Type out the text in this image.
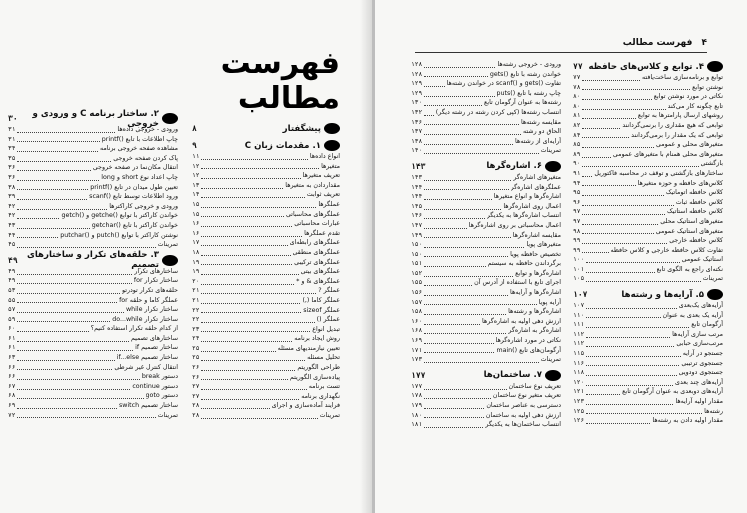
فهرست مطالب
پیشگفتار
۸
۱. مقدمات زبان C
۹
انواع داده‌ها
۱۱
متغیرها
۱۲
تعریف متغیرها
۱۲
مقداردادن به متغیرها
۱۳
تعریف ثوابت
۱۴
عملگرها
۱۵
عملگرهای محاسباتی
۱۵
عبارات محاسباتی
۱۶
تقدم عملگرها
۱۶
عملگرهای رابطه‌ای
۱۷
عملگرهای منطقی
۱۸
عملگرهای ترکیبی
۱۹
عملگرهای بیتی
۱۹
عملگرهای & و *
۲۰
عملگر ?
۲۱
عملگر کاما (,)
۲۱
عملگر sizeof
۲۲
عملگر ()
۲۲
تبدیل انواع
۲۳
روش ایجاد برنامه
۲۴
تعیین نیازمندیهای مسئله
۲۵
تحلیل مسئله
۲۵
طراحی الگوریتم
۲۶
پیاده‌سازی الگوریتم
۲۶
تست برنامه
۲۷
نگهداری برنامه
۲۷
فرایند آماده‌سازی و اجرای
۲۸
تمرینات
۲۸
۲. ساختار برنامه C و ورودی و خروجی
۳۰
ورودی - خروجی داده‌ها
۳۱
چاپ اطلاعات با تابع ()printf
۳۱
مشاهده صفحه خروجی برنامه
۳۴
پاک کردن صفحه خروجی
۳۵
انتقال مکان‌نما در صفحه خروجی
۳۶
چاپ اعداد نوع short و long
۳۶
تعیین طول میدان در تابع ()printf
۳۸
ورود اطلاعات توسط تابع ()scanf
۳۹
ورودی و خروجی کاراکترها
۴۲
خواندن کاراکتر با توابع ()getche و ()getch
۴۲
خواندن کاراکتر با تابع ()getchar
۴۳
نوشتن کاراکتر با توابع ()putch و ()putchar
۴۴
تمرینات
۴۵
۳. حلقه‌های تکرار و ساختارهای تصمیم
۴۹
ساختارهای تکرار
۴۹
ساختار تکرار for
۴۹
حلقه‌های تکرار تودرتو
۵۳
عملگر کاما و حلقه for
۵۵
ساختار تکرار while
۵۷
ساختار تکرار do...while
۵۹
از کدام حلقه تکرار استفاده کنیم؟
۶۰
ساختارهای تصمیم
۶۱
ساختار تصمیم if
۶۱
ساختار تصمیم if...else
۶۳
انتقال کنترل غیر شرطی
۶۶
دستور break
۶۶
دستور continue
۶۷
دستور goto
۶۸
ساختار تصمیم switch
۶۹
تمرینات
۷۲
۴ فهرست مطالب
۴. توابع و کلاس‌های حافظه
۷۷
توابع و برنامه‌سازی ساخت‌یافته
۷۷
نوشتن توابع
۷۸
نکاتی در مورد نوشتن توابع
۸۰
تابع چگونه کار می‌کند
۸۰
روشهای ارسال پارامترها به توابع
۸۱
توابعی که هیچ مقداری را برنمی‌گردانند
۸۲
توابعی که یک مقدار را برمی‌گردانند
۸۴
متغیرهای محلی و عمومی
۸۵
متغیرهای محلی همنام با متغیرهای عمومی
۸۹
بازگشتی
۹۰
ساختارهای بازگشتی و توقف در محاسبه فاکتوریل
۹۱
کلاس‌های حافظه و حوزه متغیرها
۹۴
کلاس حافظه اتوماتیک
۹۵
کلاس حافظه ثبات
۹۶
کلاس حافظه استاتیک
۹۷
متغیرهای استاتیک محلی
۹۷
متغیرهای استاتیک عمومی
۹۸
کلاس حافظه خارجی
۹۹
تفاوت کلاس حافظه خارجی و کلاس حافظه
۹۹
استاتیک عمومی
۱۰۰
نکته‌ای راجع به الگوی تابع
۱۰۱
تمرینات
۱۰۵
۵. آرایه‌ها و رشته‌ها
۱۰۷
آرایه‌های یک‌بعدی
۱۰۷
آرایه یک بعدی به عنوان
۱۱۰
آرگومان تابع
۱۱۱
مرتب سازی آرایه‌ها
۱۱۲
مرتب‌سازی حبابی
۱۱۲
جستجو در آرایه
۱۱۵
جستجوی ترتیبی
۱۱۶
جستجوی دودویی
۱۱۸
آرایه‌های چند بعدی
۱۲۰
آرایه‌های دوبعدی به عنوان آرگومان تابع
۱۲۱
مقدار اولیه آرایه‌ها
۱۲۳
رشته‌ها
۱۲۵
مقدار اولیه دادن به رشته‌ها
۱۲۶
ورودی - خروجی رشته‌ها
۱۲۸
خواندن رشته با تابع ()gets
۱۲۸
تفاوت ()gets و ()scanf در خواندن رشته‌ها
۱۲۹
چاپ رشته با تابع ()puts
۱۲۹
رشته‌ها به عنوان آرگومان تابع
۱۳۰
انتساب رشته‌ها (کپی کردن رشته در رشته دیگر)
۱۳۲
مقایسه رشته‌ها
۱۳۶
الحاق دو رشته
۱۳۷
آرایه‌ای از رشته‌ها
۱۳۸
تمرینات
۱۴۰
۶. اشاره‌گرها
۱۴۳
متغیرهای اشاره‌گر
۱۴۳
عملگرهای اشاره‌گر
۱۴۴
اشاره‌گرها و انواع متغیرها
۱۴۴
اعمال روی اشاره‌گرها
۱۴۵
انتساب اشاره‌گرها به یکدیگر
۱۴۶
اعمال محاسباتی بر روی اشاره‌گرها
۱۴۷
مقایسه اشاره‌گرها
۱۴۹
متغیرهای پویا
۱۵۰
تخصیص حافظه پویا
۱۵۰
برگرداندن حافظه به سیستم
۱۵۱
اشاره‌گرها و توابع
۱۵۲
اجرای تابع با استفاده از آدرس آن
۱۵۵
اشاره‌گرها و آرایه‌ها
۱۵۶
آرایه پویا
۱۵۷
اشاره‌گرها و رشته‌ها
۱۵۸
ارزش دهی اولیه به اشاره‌گرها
۱۶۰
اشاره‌گر به اشاره‌گر
۱۶۸
نکاتی در مورد اشاره‌گرها
۱۶۹
آرگومان‌های تابع ()main
۱۷۱
تمرینات
۱۷۳
۷. ساختمان‌ها
۱۷۷
تعریف نوع ساختمان
۱۷۷
تعریف متغیر نوع ساختمان
۱۷۸
دسترسی به عناصر ساختمان
۱۷۹
ارزش دهی اولیه به ساختمان
۱۸۰
انتساب ساختمان‌ها به یکدیگر
۱۸۱
